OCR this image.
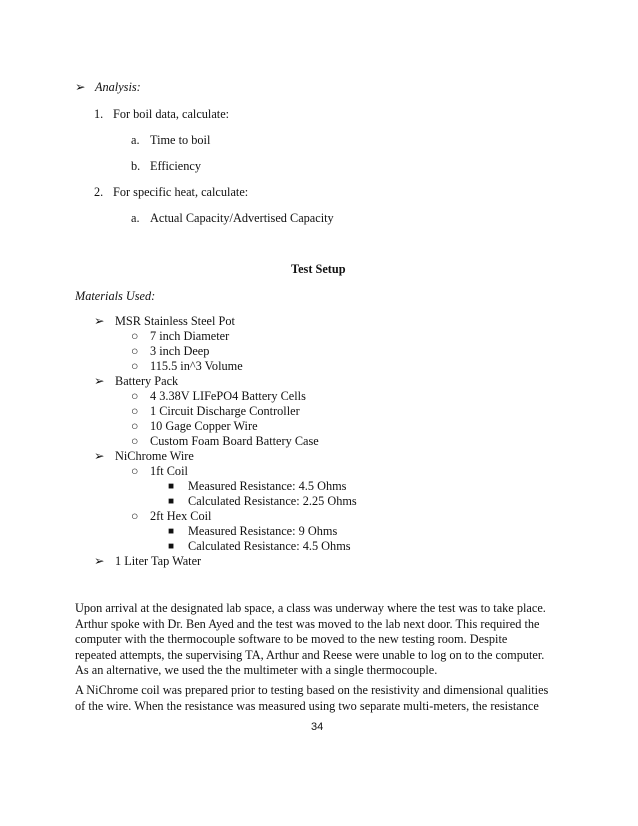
➢ Analysis:
1. For boil data, calculate:
a. Time to boil
b. Efficiency
2. For specific heat, calculate:
a. Actual Capacity/Advertised Capacity
Test Setup
Materials Used:
➢ MSR Stainless Steel Pot
○ 7 inch Diameter
○ 3 inch Deep
○ 115.5 in^3 Volume
➢ Battery Pack
○ 4 3.38V LIFePO4 Battery Cells
○ 1 Circuit Discharge Controller
○ 10 Gage Copper Wire
○ Custom Foam Board Battery Case
➢ NiChrome Wire
○ 1ft Coil
■ Measured Resistance: 4.5 Ohms
■ Calculated Resistance: 2.25 Ohms
○ 2ft Hex Coil
■ Measured Resistance: 9 Ohms
■ Calculated Resistance: 4.5 Ohms
➢ 1 Liter Tap Water
Upon arrival at the designated lab space, a class was underway where the test was to take place.
Arthur spoke with Dr. Ben Ayed and the test was moved to the lab next door. This required the
computer with the thermocouple software to be moved to the new testing room. Despite
repeated attempts, the supervising TA, Arthur and Reese were unable to log on to the computer.
As an alternative, we used the the multimeter with a single thermocouple.
A NiChrome coil was prepared prior to testing based on the resistivity and dimensional qualities
of the wire. When the resistance was measured using two separate multi-meters, the resistance
34
